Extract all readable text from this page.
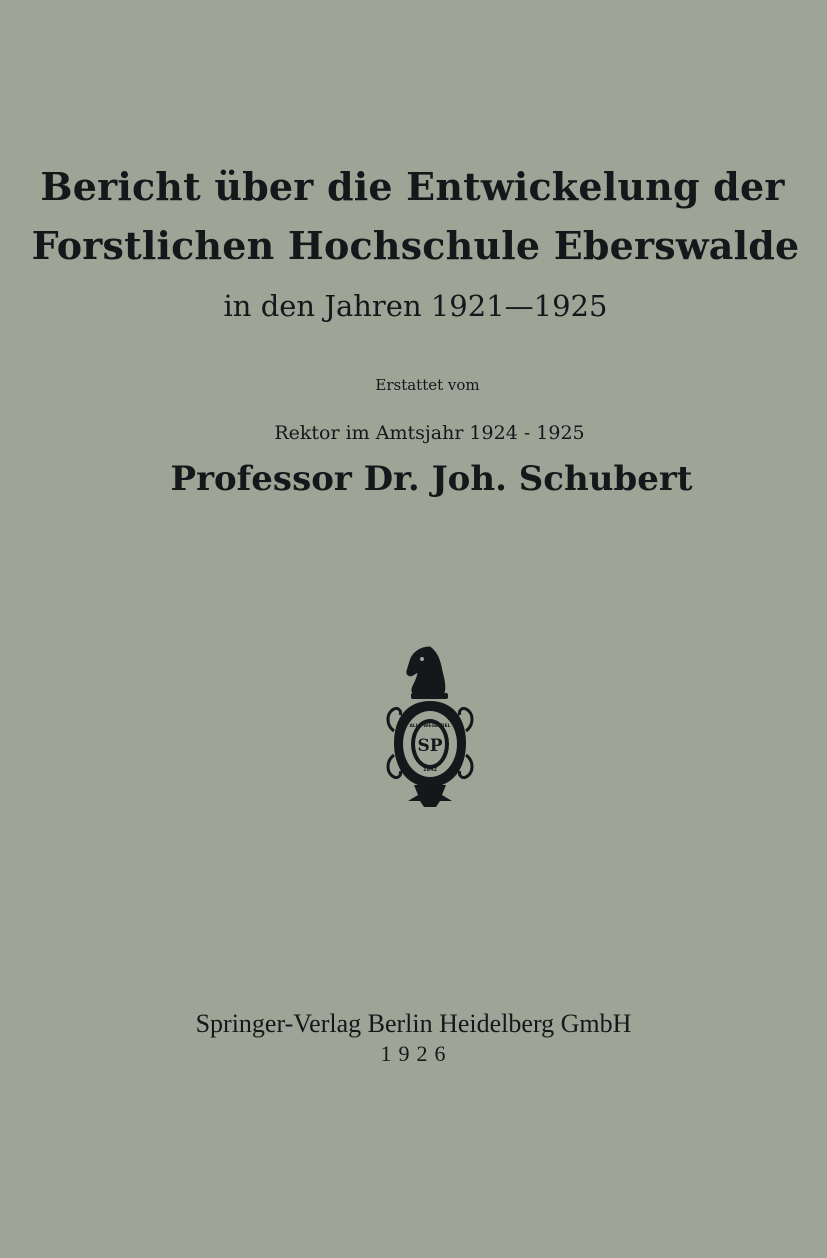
Bericht über die Entwickelung der
Forstlichen Hochschule Eberswalde
in den Jahren 1921—1925
Erstattet vom
Rektor im Amtsjahr 1924 - 1925
Professor Dr. Joh. Schubert
ALLE WEGE ZIEL
1842
SP
Springer-Verlag Berlin Heidelberg GmbH
1926
